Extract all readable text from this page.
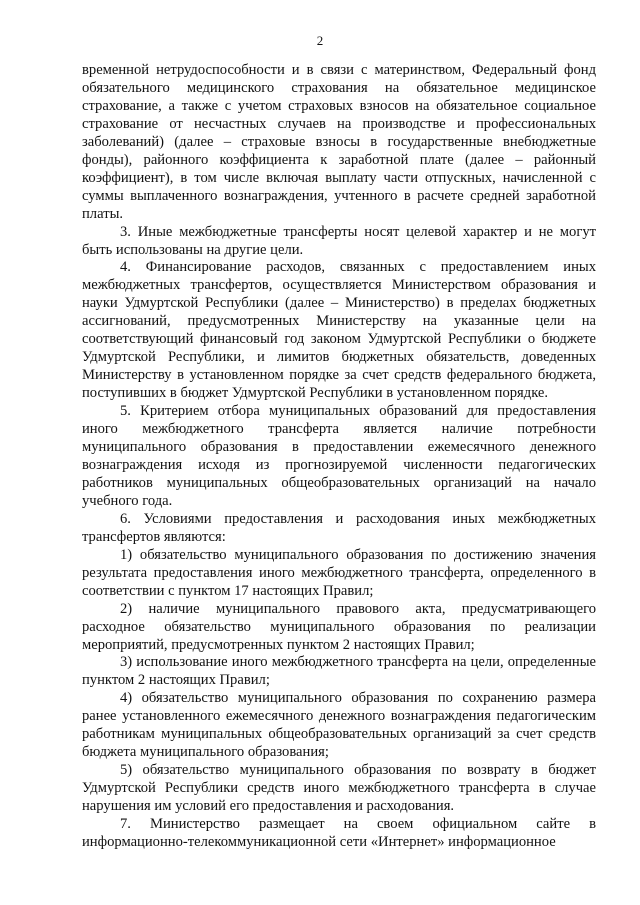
2

временной нетрудоспособности и в связи с материнством, Федеральный фонд обязательного медицинского страхования на обязательное медицинское страхование, а также с учетом страховых взносов на обязательное социальное страхование от несчастных случаев на производстве и профессиональных заболеваний) (далее – страховые взносы в государственные внебюджетные фонды), районного коэффициента к заработной плате (далее – районный коэффициент), в том числе включая выплату части отпускных, начисленной с суммы выплаченного вознаграждения, учтенного в расчете средней заработной платы.

3. Иные межбюджетные трансферты носят целевой характер и не могут быть использованы на другие цели.

4. Финансирование расходов, связанных с предоставлением иных межбюджетных трансфертов, осуществляется Министерством образования и науки Удмуртской Республики (далее – Министерство) в пределах бюджетных ассигнований, предусмотренных Министерству на указанные цели на соответствующий финансовый год законом Удмуртской Республики о бюджете Удмуртской Республики, и лимитов бюджетных обязательств, доведенных Министерству в установленном порядке за счет средств федерального бюджета, поступивших в бюджет Удмуртской Республики в установленном порядке.

5. Критерием отбора муниципальных образований для предоставления иного межбюджетного трансферта является наличие потребности муниципального образования в предоставлении ежемесячного денежного вознаграждения исходя из прогнозируемой численности педагогических работников муниципальных общеобразовательных организаций на начало учебного года.

6. Условиями предоставления и расходования иных межбюджетных трансфертов являются:

1) обязательство муниципального образования по достижению значения результата предоставления иного межбюджетного трансферта, определенного в соответствии с пунктом 17 настоящих Правил;

2) наличие муниципального правового акта, предусматривающего расходное обязательство муниципального образования по реализации мероприятий, предусмотренных пунктом 2 настоящих Правил;

3) использование иного межбюджетного трансферта на цели, определенные пунктом 2 настоящих Правил;

4) обязательство муниципального образования по сохранению размера ранее установленного ежемесячного денежного вознаграждения педагогическим работникам муниципальных общеобразовательных организаций за счет средств бюджета муниципального образования;

5) обязательство муниципального образования по возврату в бюджет Удмуртской Республики средств иного межбюджетного трансферта в случае нарушения им условий его предоставления и расходования.

7. Министерство размещает на своем официальном сайте в информационно-телекоммуникационной сети «Интернет» информационное
